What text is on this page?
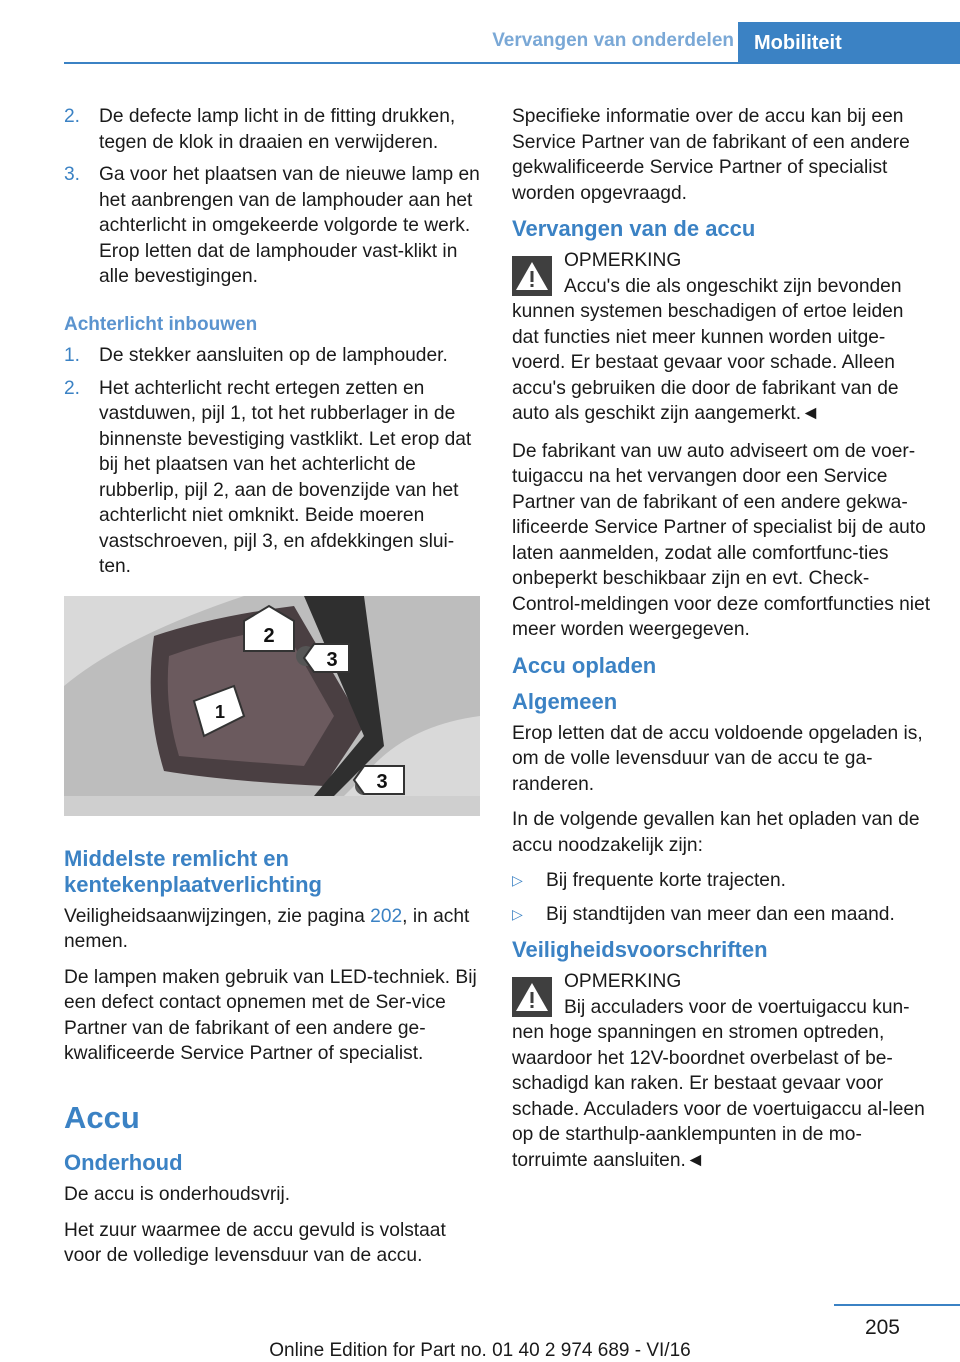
Vervangen van onderdelen	Mobiliteit
2. De defecte lamp licht in de fitting drukken, tegen de klok in draaien en verwijderen.
3. Ga voor het plaatsen van de nieuwe lamp en het aanbrengen van de lamphouder aan het achterlicht in omgekeerde volgorde te werk. Erop letten dat de lamphouder vast-klikt in alle bevestigingen.
Achterlicht inbouwen
1. De stekker aansluiten op de lamphouder.
2. Het achterlicht recht ertegen zetten en vastduwen, pijl 1, tot het rubberlager in de binnenste bevestiging vastklikt. Let erop dat bij het plaatsen van het achterlicht de rubberlip, pijl 2, aan de bovenzijde van het achterlicht niet omknikt. Beide moeren vastschroeven, pijl 3, en afdekkingen slui-ten.
2
3
1
3
Middelste remlicht en kentekenplaatverlichting

Veiligheidsaanwijzingen, zie pagina 202, in acht nemen.

De lampen maken gebruik van LED-techniek. Bij een defect contact opnemen met de Ser-vice Partner van de fabrikant of een andere ge-kwalificeerde Service Partner of specialist.

Accu
Onderhoud

De accu is onderhoudsvrij.

Het zuur waarmee de accu gevuld is volstaat voor de volledige levensduur van de accu.

Specifieke informatie over de accu kan bij een Service Partner van de fabrikant of een andere gekwalificeerde Service Partner of specialist worden opgevraagd.

Vervangen van de accu
OPMERKING
Accu's die als ongeschikt zijn bevonden
kunnen systemen beschadigen of ertoe leiden dat functies niet meer kunnen worden uitge-voerd. Er bestaat gevaar voor schade. Alleen accu's gebruiken die door de fabrikant van de auto als geschikt zijn aangemerkt.◄

De fabrikant van uw auto adviseert om de voer-tuigaccu na het vervangen door een Service Partner van de fabrikant of een andere gekwa-lificeerde Service Partner of specialist bij de auto laten aanmelden, zodat alle comfortfunc-ties onbeperkt beschikbaar zijn en evt. Check-Control-meldingen voor deze comfortfuncties niet meer worden weergegeven.

Accu opladen
Algemeen

Erop letten dat de accu voldoende opgeladen is, om de volle levensduur van de accu te ga-randeren.

In de volgende gevallen kan het opladen van de accu noodzakelijk zijn:

▷ Bij frequente korte trajecten.
▷ Bij standtijden van meer dan een maand.
Veiligheidsvoorschriften
OPMERKING
Bij acculaders voor de voertuigaccu kun-
nen hoge spanningen en stromen optreden, waardoor het 12V-boordnet overbelast of be-schadigd kan raken. Er bestaat gevaar voor schade. Acculaders voor de voertuigaccu al-leen op de starthulp-aanklempunten in de mo-torruimte aansluiten.◄
205
Online Edition for Part no. 01 40 2 974 689 - VI/16
